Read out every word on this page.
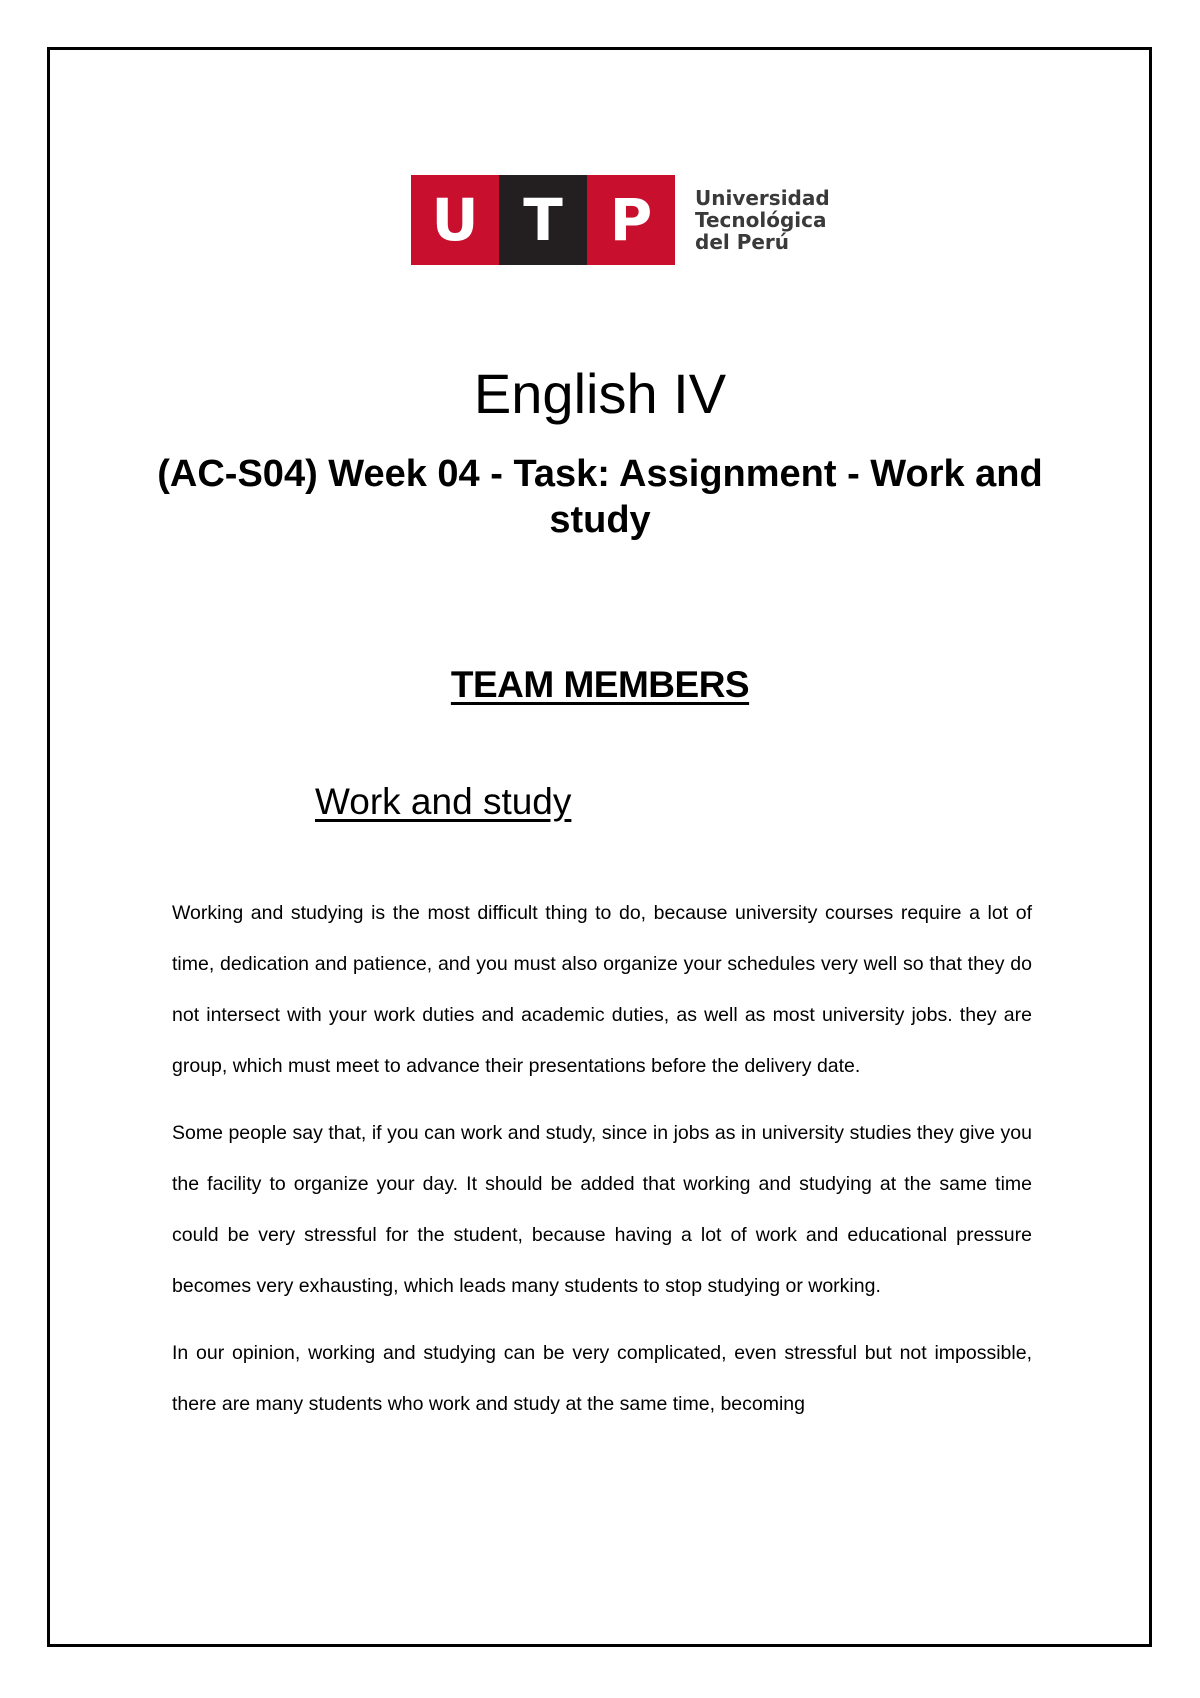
U T P	Universidad
Tecnológica
del Perú
English IV
(AC-S04) Week 04 - Task: Assignment - Work and study
TEAM MEMBERS
Work and study

Working and studying is the most difficult thing to do, because university courses require a lot of time, dedication and patience, and you must also organize your schedules very well so that they do not intersect with your work duties and academic duties, as well as most university jobs. they are group, which must meet to advance their presentations before the delivery date.

Some people say that, if you can work and study, since in jobs as in university studies they give you the facility to organize your day. It should be added that working and studying at the same time could be very stressful for the student, because having a lot of work and educational pressure becomes very exhausting, which leads many students to stop studying or working.

In our opinion, working and studying can be very complicated, even stressful but not impossible, there are many students who work and study at the same time, becoming
